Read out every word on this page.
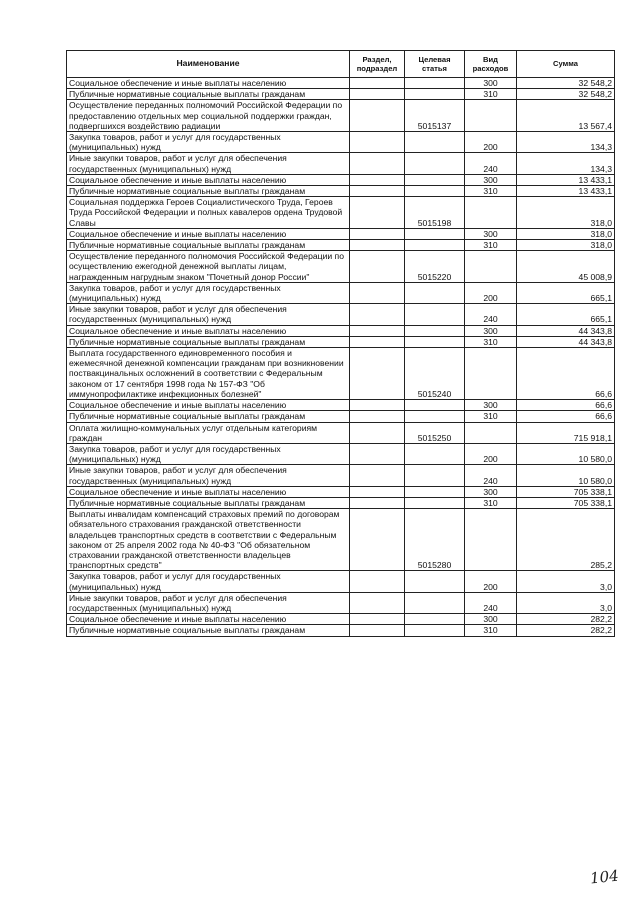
Наименование	Раздел, подраздел	Целевая статья	Вид расходов	Сумма
Социальное обеспечение и иные выплаты населению			300	32 548,2
Публичные нормативные социальные выплаты гражданам			310	32 548,2
Осуществление переданных полномочий Российской Федерации по предоставлению отдельных мер социальной поддержки граждан, подвергшихся воздействию радиации		5015137		13 567,4
Закупка товаров, работ и услуг для государственных (муниципальных) нужд			200	134,3
Иные закупки товаров, работ и услуг для обеспечения государственных (муниципальных) нужд			240	134,3
Социальное обеспечение и иные выплаты населению			300	13 433,1
Публичные нормативные социальные выплаты гражданам			310	13 433,1
Социальная поддержка Героев Социалистического Труда, Героев Труда Российской Федерации и полных кавалеров ордена Трудовой Славы		5015198		318,0
Социальное обеспечение и иные выплаты населению			300	318,0
Публичные нормативные социальные выплаты гражданам			310	318,0
Осуществление переданного полномочия Российской Федерации по осуществлению ежегодной денежной выплаты лицам, награжденным нагрудным знаком "Почетный донор России"		5015220		45 008,9
Закупка товаров, работ и услуг для государственных (муниципальных) нужд			200	665,1
Иные закупки товаров, работ и услуг для обеспечения государственных (муниципальных) нужд			240	665,1
Социальное обеспечение и иные выплаты населению			300	44 343,8
Публичные нормативные социальные выплаты гражданам			310	44 343,8
Выплата государственного единовременного пособия и ежемесячной денежной компенсации гражданам при возникновении поствакцинальных осложнений в соответствии с Федеральным законом от 17 сентября 1998 года № 157-ФЗ "Об иммунопрофилактике инфекционных болезней"		5015240		66,6
Социальное обеспечение и иные выплаты населению			300	66,6
Публичные нормативные социальные выплаты гражданам			310	66,6
Оплата жилищно-коммунальных услуг отдельным категориям граждан		5015250		715 918,1
Закупка товаров, работ и услуг для государственных (муниципальных) нужд			200	10 580,0
Иные закупки товаров, работ и услуг для обеспечения государственных (муниципальных) нужд			240	10 580,0
Социальное обеспечение и иные выплаты населению			300	705 338,1
Публичные нормативные социальные выплаты гражданам			310	705 338,1
Выплаты инвалидам компенсаций страховых премий по договорам обязательного страхования гражданской ответственности владельцев транспортных средств в соответствии с Федеральным законом от 25 апреля 2002 года № 40-ФЗ "Об обязательном страховании гражданской ответственности владельцев транспортных средств"		5015280		285,2
Закупка товаров, работ и услуг для государственных (муниципальных) нужд			200	3,0
Иные закупки товаров, работ и услуг для обеспечения государственных (муниципальных) нужд			240	3,0
Социальное обеспечение и иные выплаты населению			300	282,2
Публичные нормативные социальные выплаты гражданам			310	282,2
104
